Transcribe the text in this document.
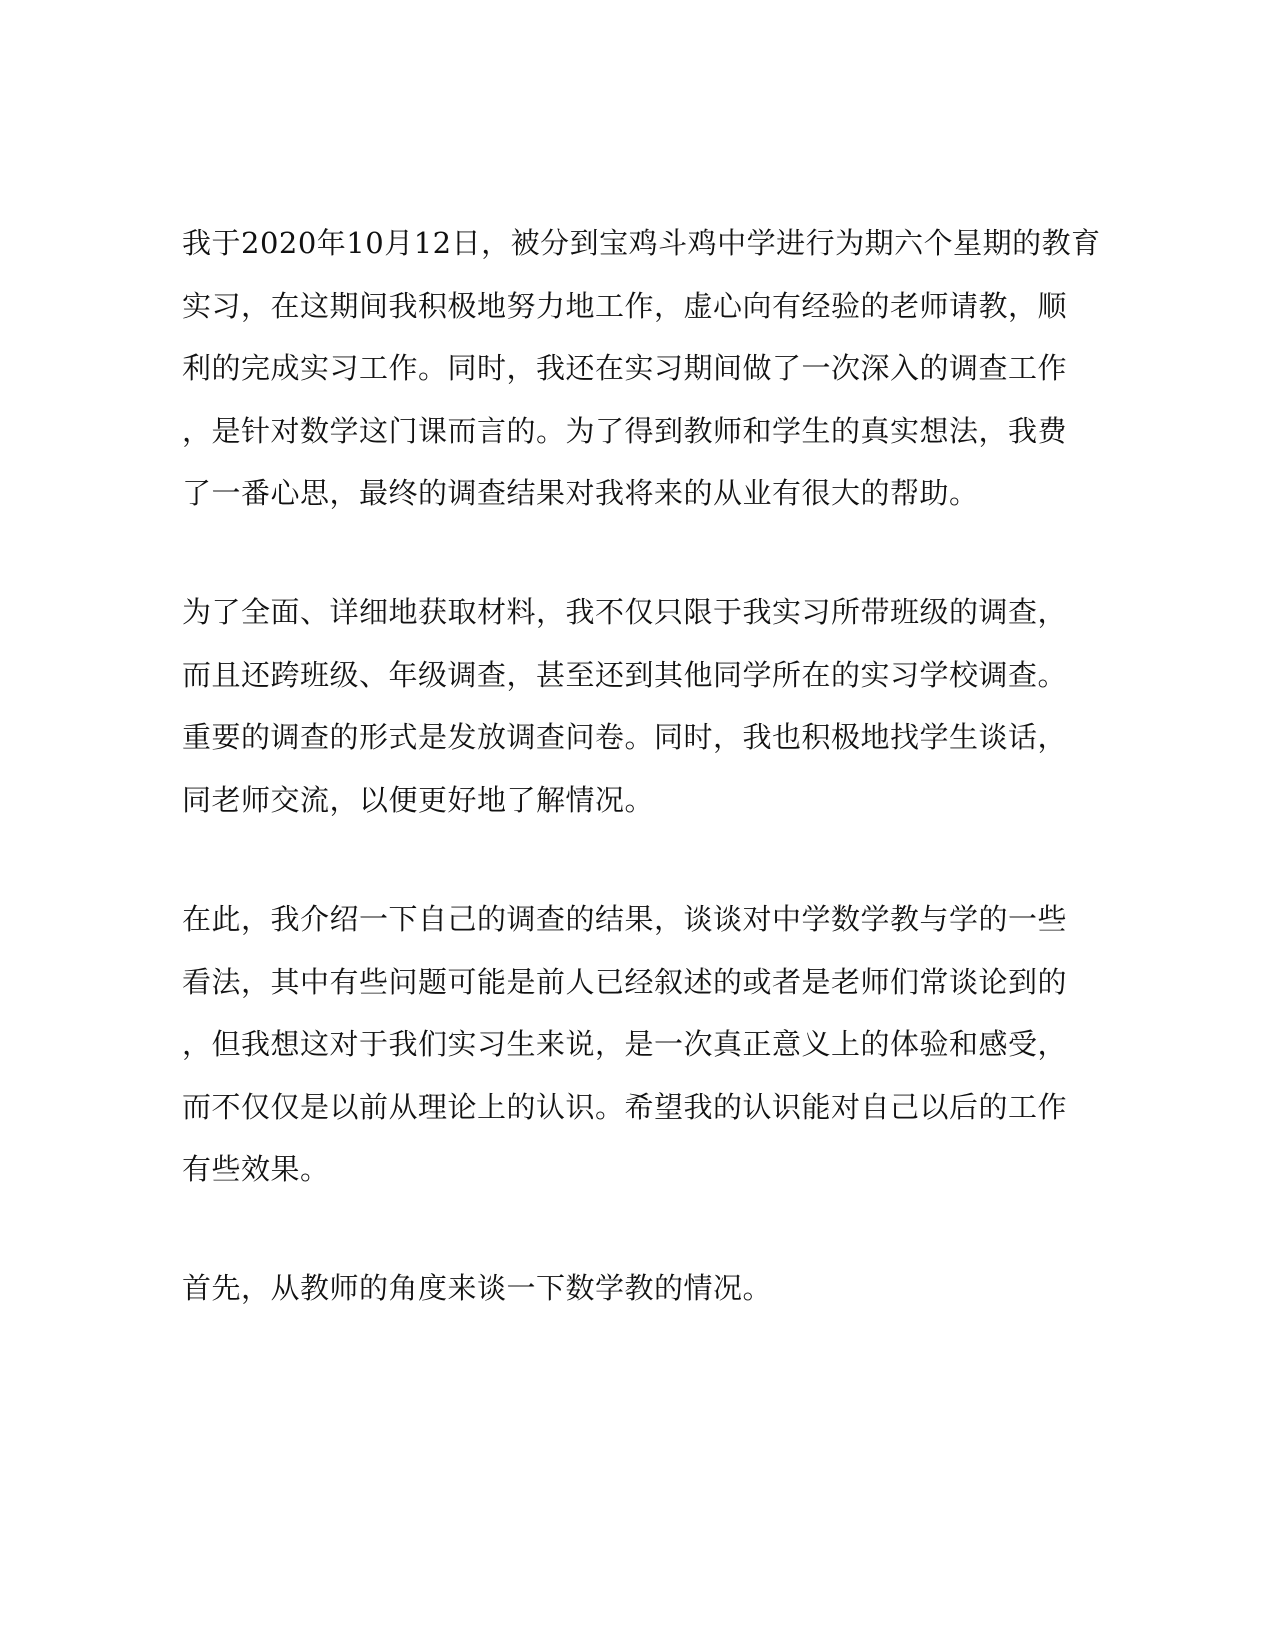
我于2020年10月12日，被分到宝鸡斗鸡中学进行为期六个星期的教育
实习，在这期间我积极地努力地工作，虚心向有经验的老师请教，顺
利的完成实习工作。同时，我还在实习期间做了一次深入的调查工作
，是针对数学这门课而言的。为了得到教师和学生的真实想法，我费
了一番心思，最终的调查结果对我将来的从业有很大的帮助。
为了全面、详细地获取材料，我不仅只限于我实习所带班级的调查，
而且还跨班级、年级调查，甚至还到其他同学所在的实习学校调查。
重要的调查的形式是发放调查问卷。同时，我也积极地找学生谈话，
同老师交流，以便更好地了解情况。
在此，我介绍一下自己的调查的结果，谈谈对中学数学教与学的一些
看法，其中有些问题可能是前人已经叙述的或者是老师们常谈论到的
，但我想这对于我们实习生来说，是一次真正意义上的体验和感受，
而不仅仅是以前从理论上的认识。希望我的认识能对自己以后的工作
有些效果。
首先，从教师的角度来谈一下数学教的情况。
